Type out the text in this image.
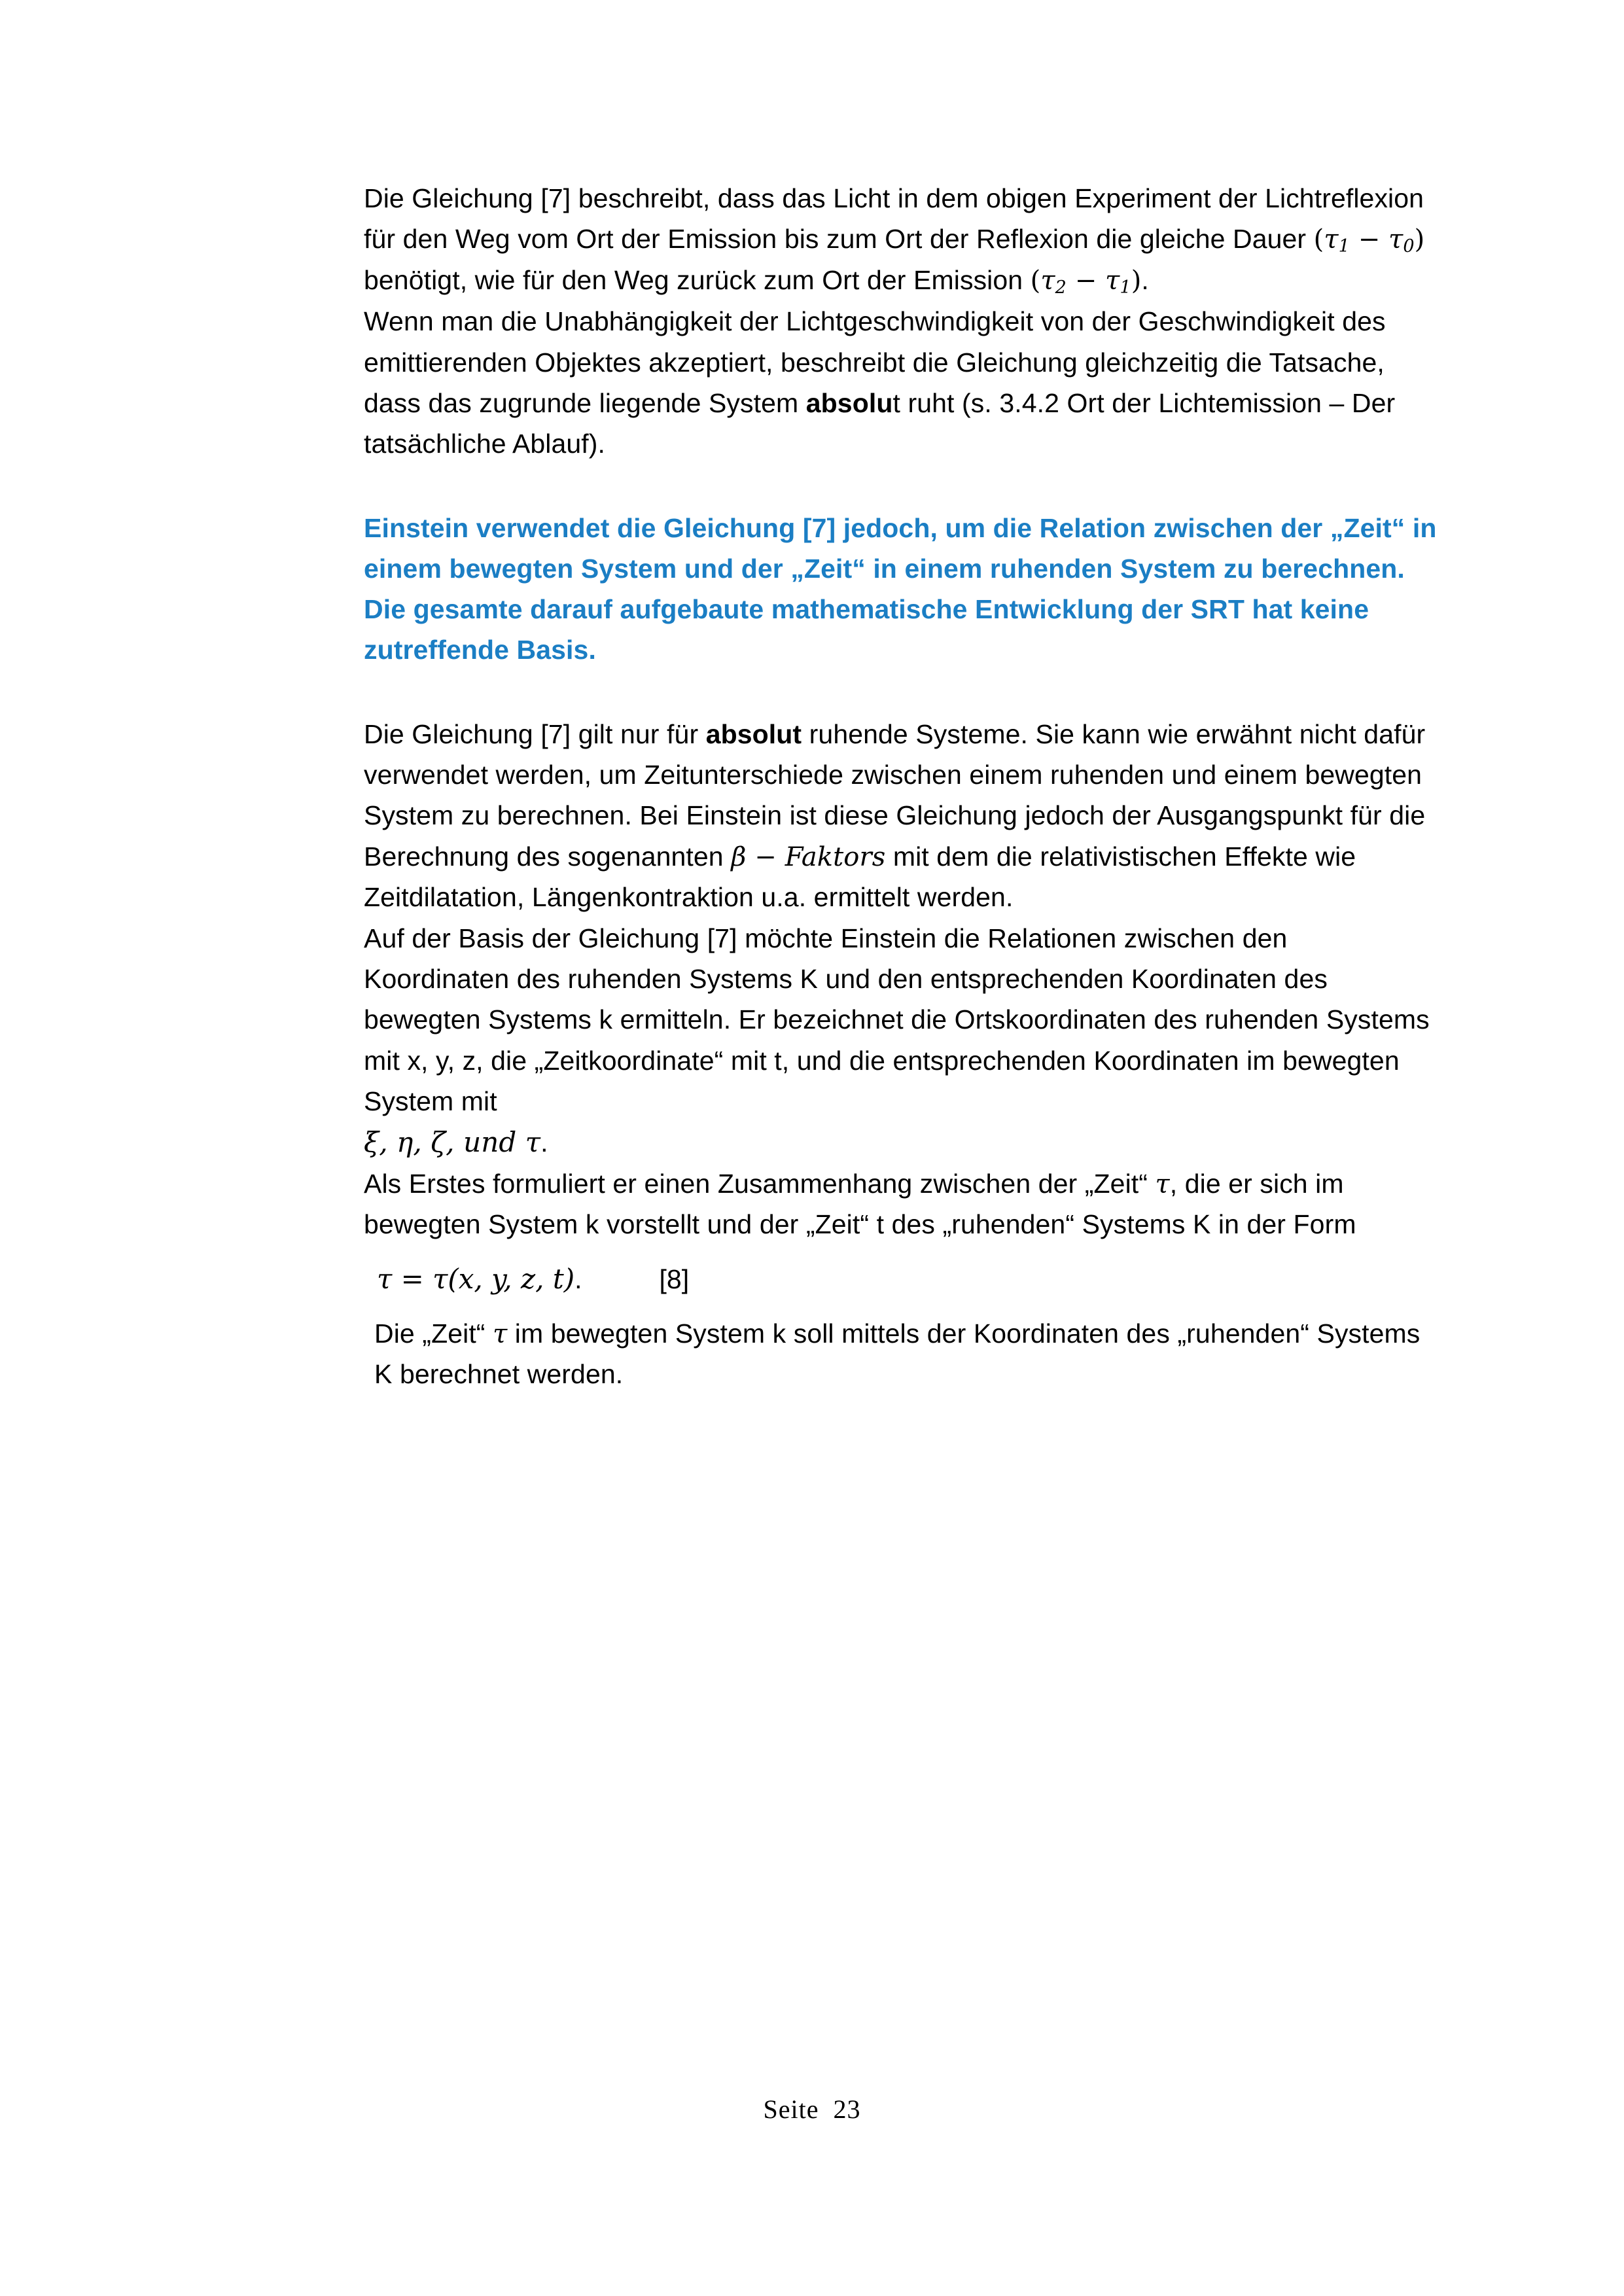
Die Gleichung [7] beschreibt, dass das Licht in dem obigen Experiment der Lichtreflexion für den Weg vom Ort der Emission bis zum Ort der Reflexion die gleiche Dauer (τ1 − τ0) benötigt, wie für den Weg zurück zum Ort der Emission (τ2 − τ1).

Wenn man die Unabhängigkeit der Lichtgeschwindigkeit von der Geschwindigkeit des emittierenden Objektes akzeptiert, beschreibt die Gleichung gleichzeitig die Tatsache, dass das zugrunde liegende System absolut ruht (s. 3.4.2 Ort der Lichtemission – Der tatsächliche Ablauf).

Einstein verwendet die Gleichung [7] jedoch, um die Relation zwischen der „Zeit“ in einem bewegten System und der „Zeit“ in einem ruhenden System zu berechnen.

Die gesamte darauf aufgebaute mathematische Entwicklung der SRT hat keine zutreffende Basis.

Die Gleichung [7] gilt nur für absolut ruhende Systeme. Sie kann wie erwähnt nicht dafür verwendet werden, um Zeitunterschiede zwischen einem ruhenden und einem bewegten System zu berechnen. Bei Einstein ist diese Gleichung jedoch der Ausgangspunkt für die Berechnung des sogenannten β − Faktors mit dem die relativistischen Effekte wie Zeitdilatation, Längenkontraktion u.a. ermittelt werden.

Auf der Basis der Gleichung [7] möchte Einstein die Relationen zwischen den Koordinaten des ruhenden Systems K und den entsprechenden Koordinaten des bewegten Systems k ermitteln. Er bezeichnet die Ortskoordinaten des ruhenden Systems mit x, y, z, die „Zeitkoordinate“ mit t, und die entsprechenden Koordinaten im bewegten System mit

ξ, η, ζ, und τ.

Als Erstes formuliert er einen Zusammenhang zwischen der „Zeit“ τ, die er sich im bewegten System k vorstellt und der „Zeit“ t des „ruhenden“ Systems K in der Form

τ = τ(x, y, z, t) .	[8]

Die „Zeit“ τ im bewegten System k soll mittels der Koordinaten des „ruhenden“ Systems K berechnet werden.

Seite 23
